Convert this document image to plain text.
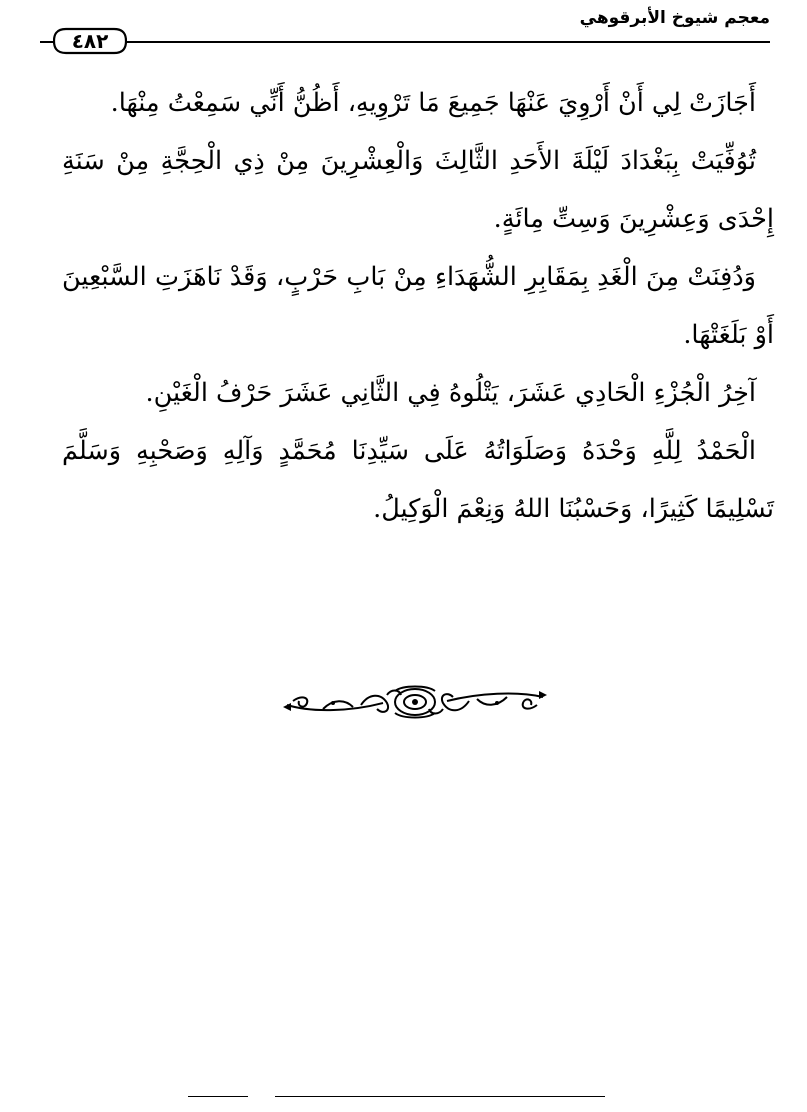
معجم شيوخ الأبرقوهي
٤٨٢

أَجَازَتْ لِي أَنْ أَرْوِيَ عَنْهَا جَمِيعَ مَا تَرْوِيهِ، أَظُنُّ أَنِّي سَمِعْتُ مِنْهَا.

تُوُفِّيَتْ بِبَغْدَادَ لَيْلَةَ الأَحَدِ الثَّالِثَ وَالْعِشْرِينَ مِنْ ذِي الْحِجَّةِ مِنْ سَنَةِ إِحْدَى وَعِشْرِينَ وَسِتِّ مِائَةٍ.

وَدُفِنَتْ مِنَ الْغَدِ بِمَقَابِرِ الشُّهَدَاءِ مِنْ بَابِ حَرْبٍ، وَقَدْ نَاهَزَتِ السَّبْعِينَ أَوْ بَلَغَتْهَا.

آخِرُ الْجُزْءِ الْحَادِي عَشَرَ، يَتْلُوهُ فِي الثَّانِي عَشَرَ حَرْفُ الْغَيْنِ.

الْحَمْدُ لِلَّهِ وَحْدَهُ وَصَلَوَاتُهُ عَلَى سَيِّدِنَا مُحَمَّدٍ وَآلِهِ وَصَحْبِهِ وَسَلَّمَ تَسْلِيمًا كَثِيرًا، وَحَسْبُنَا اللهُ وَنِعْمَ الْوَكِيلُ.
